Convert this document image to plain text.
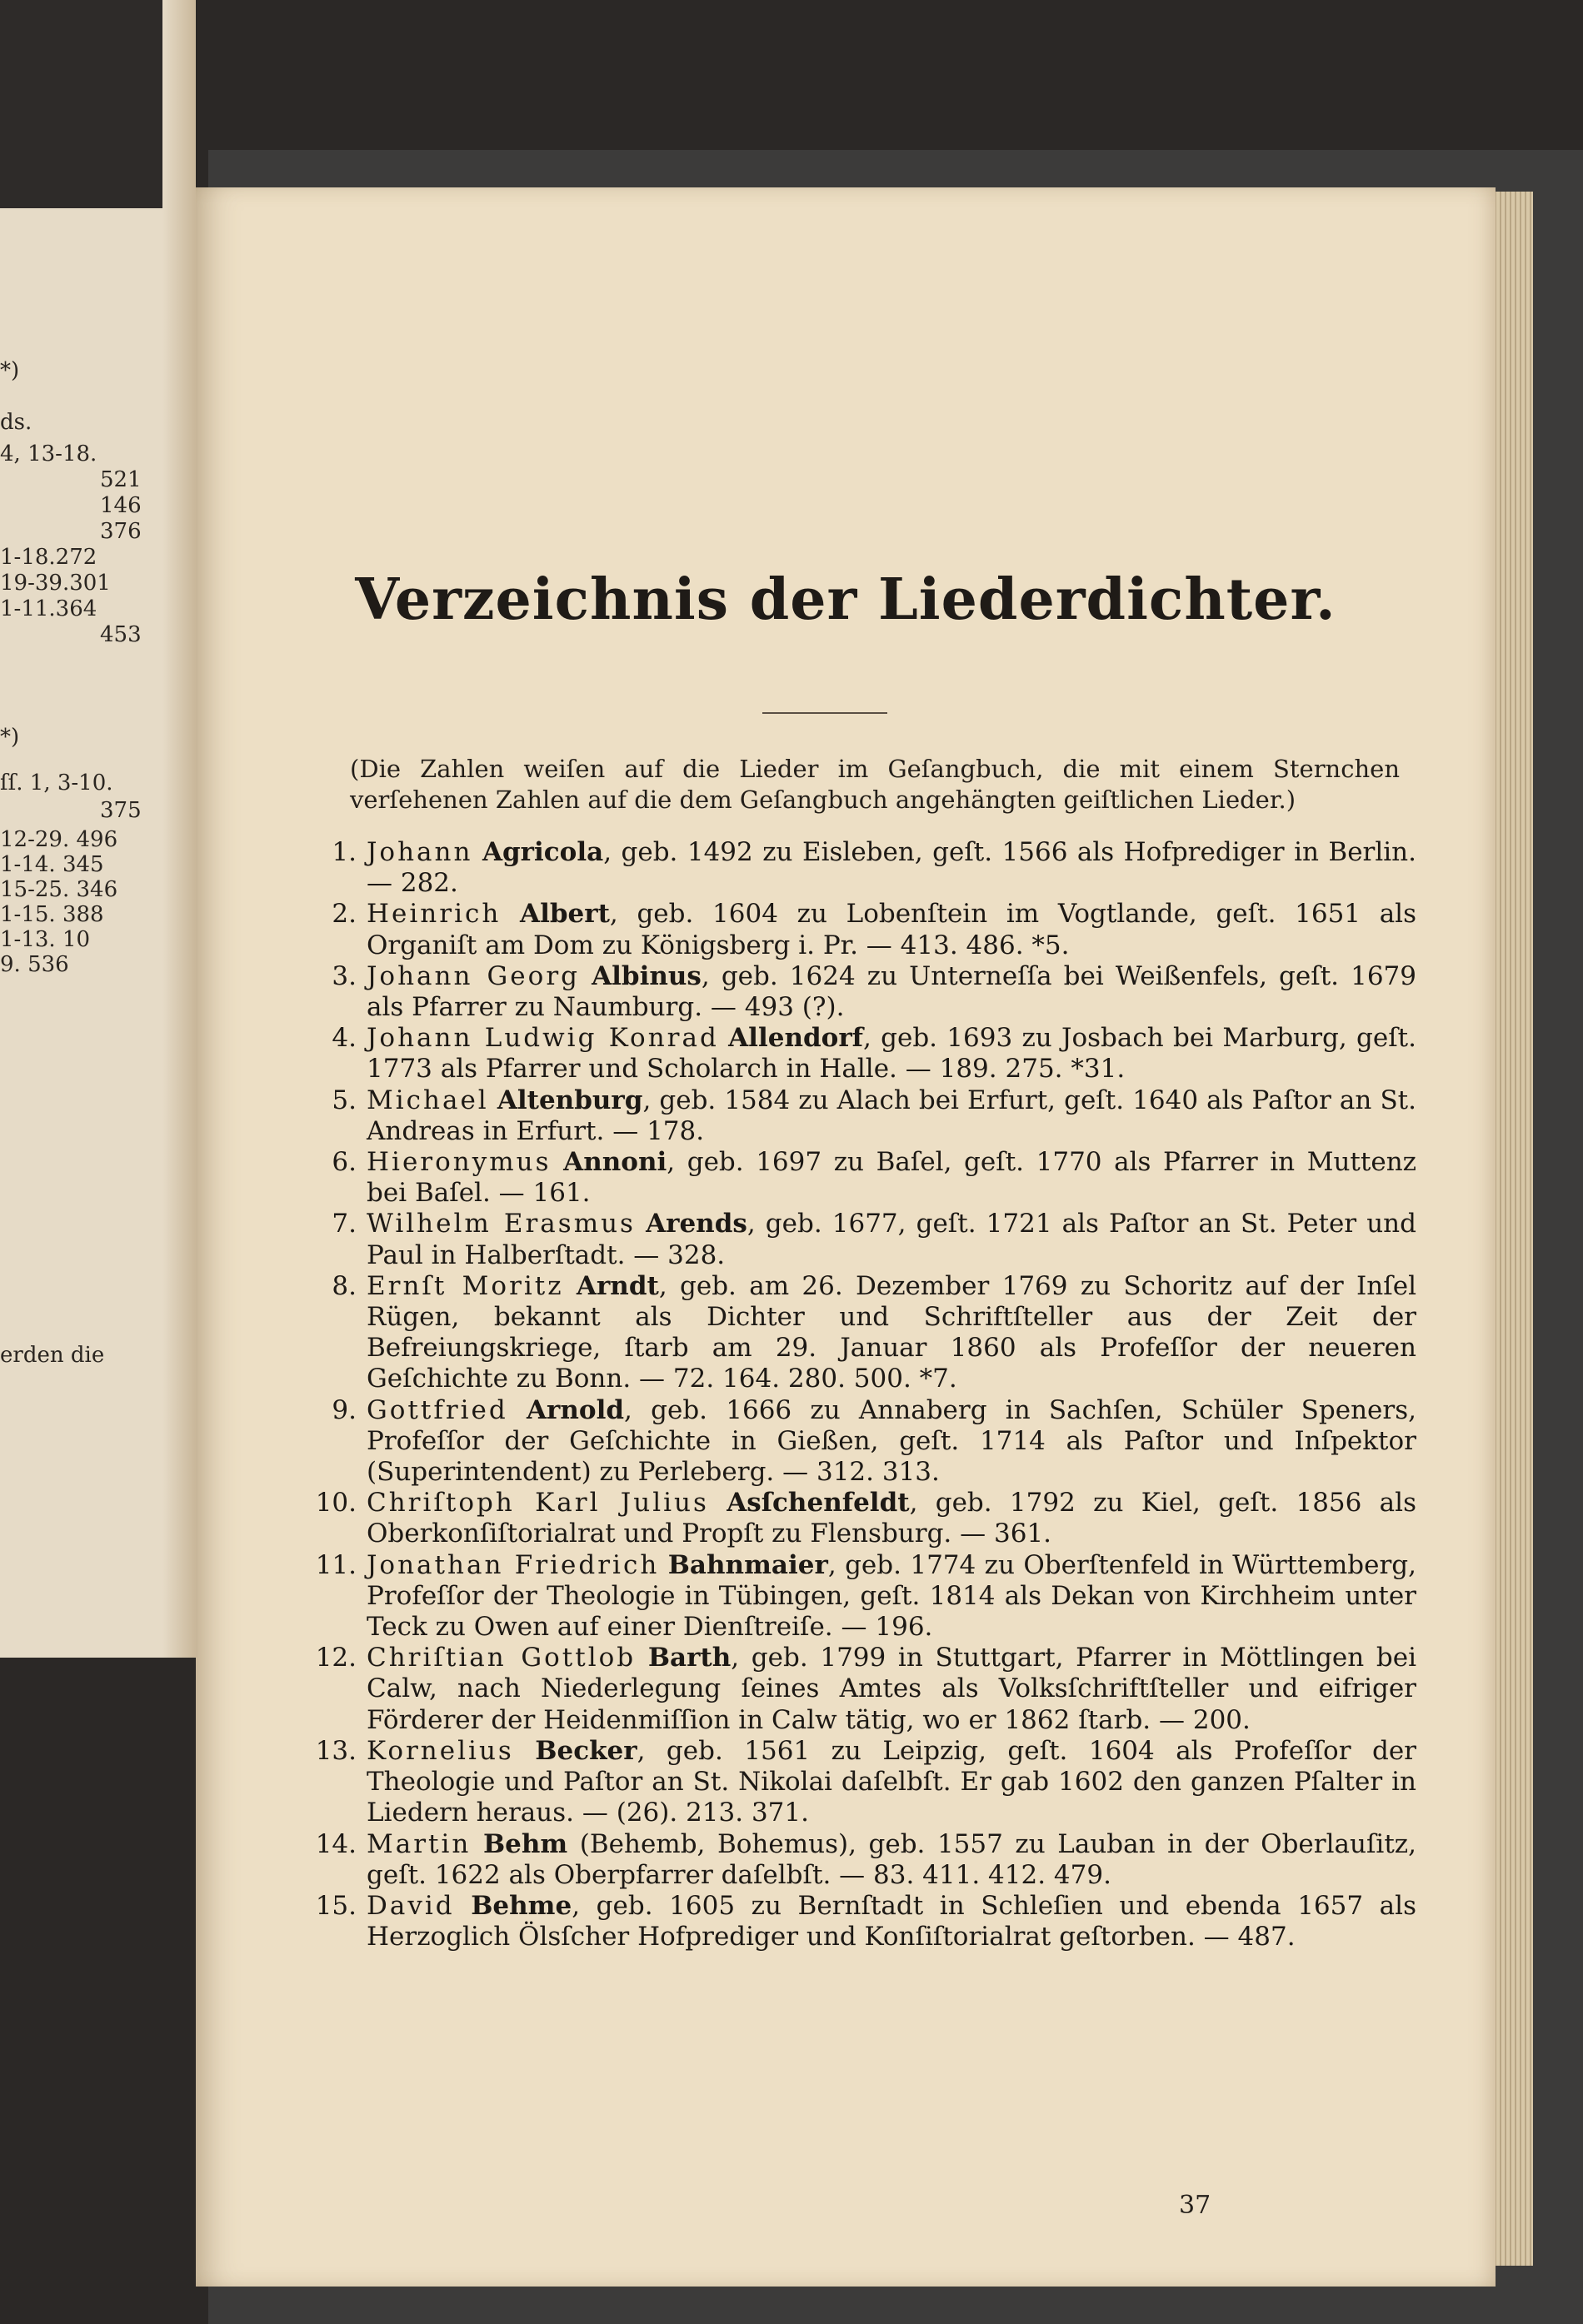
*)
ds.
4, 13-18.
521
146
376
1-18.272
19-39.301
1-11.364
453
*)
ſſ. 1, 3-10.
375
12-29. 496
1-14. 345
15-25. 346
1-15. 388
1-13. 10
9. 536
erden die
Verzeichnis der Liederdichter.
(Die Zahlen weiſen auf die Lieder im Geſangbuch, die mit einem Sternchen verſehenen Zahlen auf die dem Geſangbuch angehängten geiſtlichen Lieder.)
1. Johann Agricola, geb. 1492 zu Eisleben, geſt. 1566 als Hofprediger in Berlin. — 282.
2. Heinrich Albert, geb. 1604 zu Lobenſtein im Vogtlande, geſt. 1651 als Organiſt am Dom zu Königsberg i. Pr. — 413. 486. *5.
3. Johann Georg Albinus, geb. 1624 zu Unterneſſa bei Weißenfels, geſt. 1679 als Pfarrer zu Naumburg. — 493 (?).
4. Johann Ludwig Konrad Allendorf, geb. 1693 zu Josbach bei Marburg, geſt. 1773 als Pfarrer und Scholarch in Halle. — 189. 275. *31.
5. Michael Altenburg, geb. 1584 zu Alach bei Erfurt, geſt. 1640 als Paſtor an St. Andreas in Erfurt. — 178.
6. Hieronymus Annoni, geb. 1697 zu Baſel, geſt. 1770 als Pfarrer in Muttenz bei Baſel. — 161.
7. Wilhelm Erasmus Arends, geb. 1677, geſt. 1721 als Paſtor an St. Peter und Paul in Halberſtadt. — 328.
8. Ernſt Moritz Arndt, geb. am 26. Dezember 1769 zu Schoritz auf der Inſel Rügen, bekannt als Dichter und Schriftſteller aus der Zeit der Befreiungskriege, ſtarb am 29. Januar 1860 als Profeſſor der neueren Geſchichte zu Bonn. — 72. 164. 280. 500. *7.
9. Gottfried Arnold, geb. 1666 zu Annaberg in Sachſen, Schüler Speners, Profeſſor der Geſchichte in Gießen, geſt. 1714 als Paſtor und Inſpektor (Superintendent) zu Perleberg. — 312. 313.
10. Chriſtoph Karl Julius Asſchenfeldt, geb. 1792 zu Kiel, geſt. 1856 als Oberkonſiſtorialrat und Propſt zu Flensburg. — 361.
11. Jonathan Friedrich Bahnmaier, geb. 1774 zu Oberſtenfeld in Württemberg, Profeſſor der Theologie in Tübingen, geſt. 1814 als Dekan von Kirchheim unter Teck zu Owen auf einer Dienſtreiſe. — 196.
12. Chriſtian Gottlob Barth, geb. 1799 in Stuttgart, Pfarrer in Möttlingen bei Calw, nach Niederlegung ſeines Amtes als Volksſchriftſteller und eifriger Förderer der Heidenmiſſion in Calw tätig, wo er 1862 ſtarb. — 200.
13. Kornelius Becker, geb. 1561 zu Leipzig, geſt. 1604 als Profeſſor der Theologie und Paſtor an St. Nikolai daſelbſt. Er gab 1602 den ganzen Pſalter in Liedern heraus. — (26). 213. 371.
14. Martin Behm (Behemb, Bohemus), geb. 1557 zu Lauban in der Oberlauſitz, geſt. 1622 als Oberpfarrer daſelbſt. — 83. 411. 412. 479.
15. David Behme, geb. 1605 zu Bernſtadt in Schleſien und ebenda 1657 als Herzoglich Ölsſcher Hofprediger und Konſiſtorialrat geſtorben. — 487.
37
